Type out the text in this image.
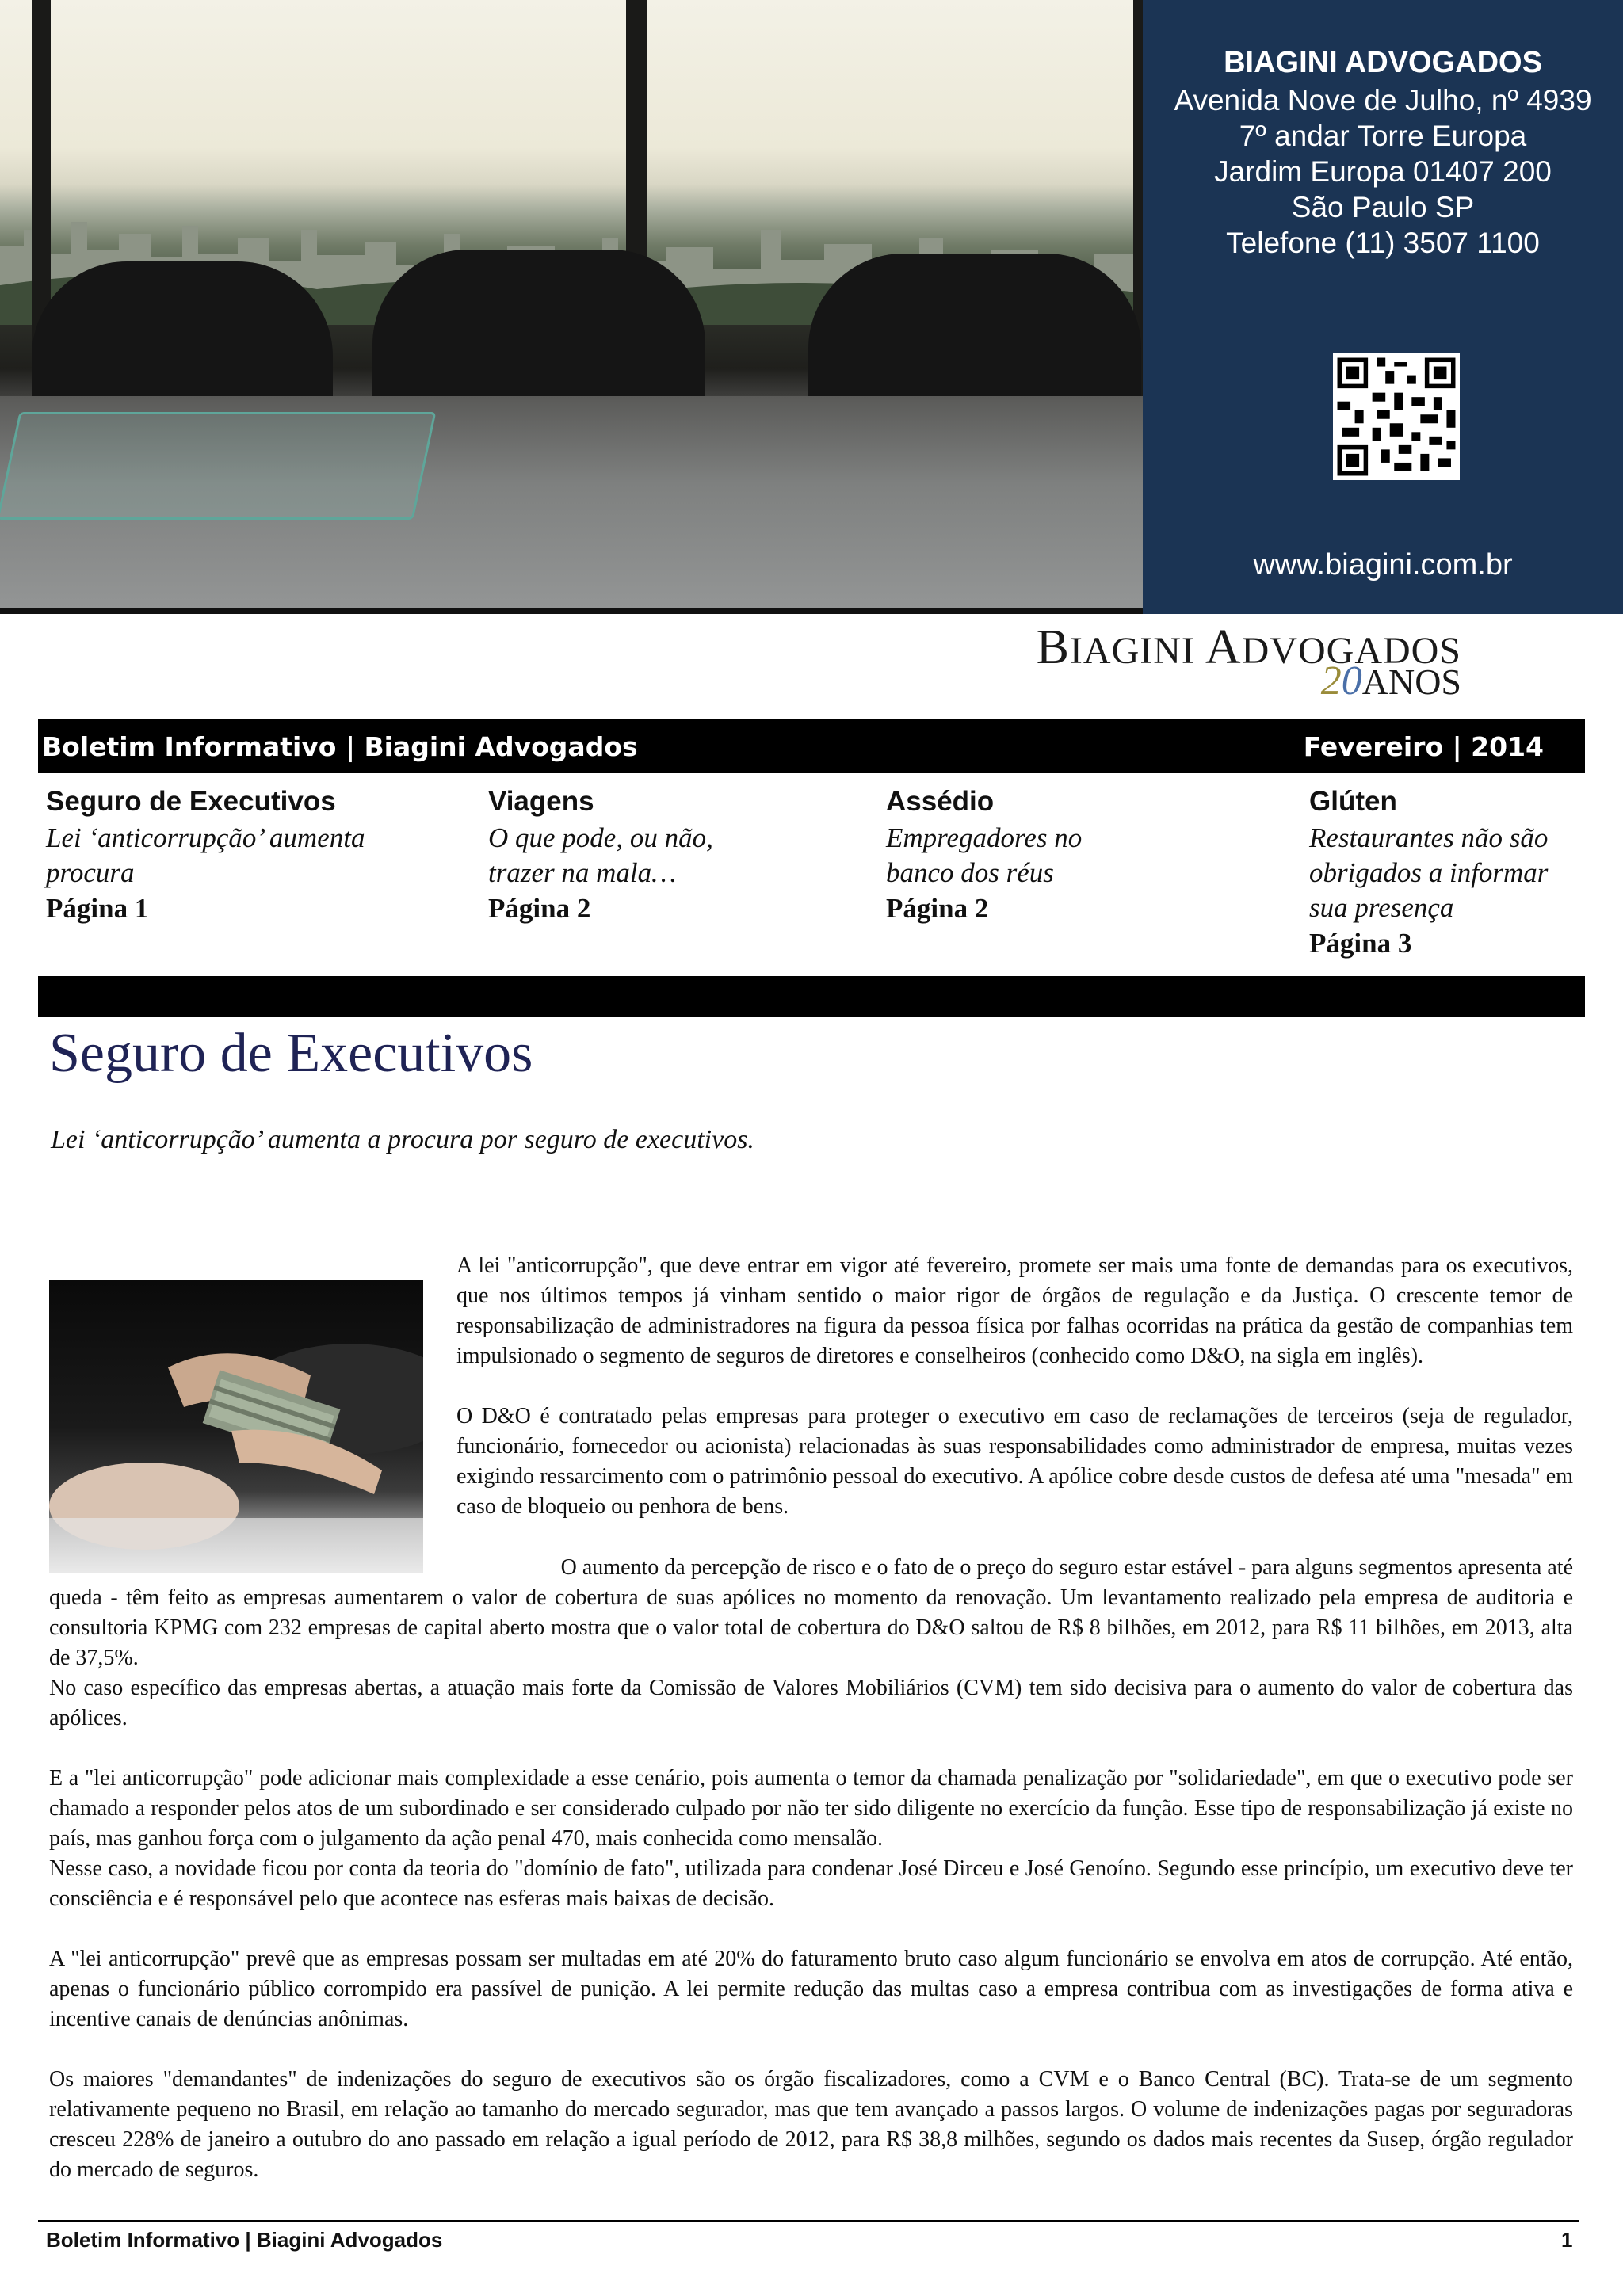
BIAGINI ADVOGADOS
Avenida Nove de Julho, nº 4939
7º andar Torre Europa
Jardim Europa 01407 200
São Paulo SP
Telefone (11) 3507 1100
www.biagini.com.br
BIAGINI ADVOGADOS
20ANOS
Boletim Informativo | Biagini Advogados	Fevereiro | 2014
Seguro de Executivos
Lei ‘anticorrupção’ aumenta
procura
Página 1
Viagens
O que pode, ou não,
trazer na mala…
Página 2
Assédio
Empregadores no
banco dos réus
Página 2
Glúten
Restaurantes não são
obrigados a informar
sua presença
Página 3
Seguro de Executivos
Lei ‘anticorrupção’ aumenta a procura por seguro de executivos.

A lei "anticorrupção", que deve entrar em vigor até fevereiro, promete ser mais uma fonte de demandas para os executivos, que nos últimos tempos já vinham sentido o maior rigor de órgãos de regulação e da Justiça. O crescente temor de responsabilização de administradores na figura da pessoa física por falhas ocorridas na prática da gestão de companhias tem impulsionado o segmento de seguros de diretores e conselheiros (conhecido como D&O, na sigla em inglês).

O D&O é contratado pelas empresas para proteger o executivo em caso de reclamações de terceiros (seja de regulador, funcionário, fornecedor ou acionista) relacionadas às suas responsabilidades como administrador de empresa, muitas vezes exigindo ressarcimento com o patrimônio pessoal do executivo. A apólice cobre desde custos de defesa até uma "mesada" em caso de bloqueio ou penhora de bens.

O aumento da percepção de risco e o fato de o preço do seguro estar estável - para alguns segmentos apresenta até

queda - têm feito as empresas aumentarem o valor de cobertura de suas apólices no momento da renovação. Um levantamento realizado pela empresa de auditoria e consultoria KPMG com 232 empresas de capital aberto mostra que o valor total de cobertura do D&O saltou de R$ 8 bilhões, em 2012, para R$ 11 bilhões, em 2013, alta de 37,5%.

No caso específico das empresas abertas, a atuação mais forte da Comissão de Valores Mobiliários (CVM) tem sido decisiva para o aumento do valor de cobertura das apólices.

E a "lei anticorrupção" pode adicionar mais complexidade a esse cenário, pois aumenta o temor da chamada penalização por "solidariedade", em que o executivo pode ser chamado a responder pelos atos de um subordinado e ser considerado culpado por não ter sido diligente no exercício da função. Esse tipo de responsabilização já existe no país, mas ganhou força com o julgamento da ação penal 470, mais conhecida como mensalão.

Nesse caso, a novidade ficou por conta da teoria do "domínio de fato", utilizada para condenar José Dirceu e José Genoíno. Segundo esse princípio, um executivo deve ter consciência e é responsável pelo que acontece nas esferas mais baixas de decisão.

A "lei anticorrupção" prevê que as empresas possam ser multadas em até 20% do faturamento bruto caso algum funcionário se envolva em atos de corrupção. Até então, apenas o funcionário público corrompido era passível de punição. A lei permite redução das multas caso a empresa contribua com as investigações de forma ativa e incentive canais de denúncias anônimas.

Os maiores "demandantes" de indenizações do seguro de executivos são os órgão fiscalizadores, como a CVM e o Banco Central (BC). Trata-se de um segmento relativamente pequeno no Brasil, em relação ao tamanho do mercado segurador, mas que tem avançado a passos largos. O volume de indenizações pagas por seguradoras cresceu 228% de janeiro a outubro do ano passado em relação a igual período de 2012, para R$ 38,8 milhões, segundo os dados mais recentes da Susep, órgão regulador do mercado de seguros.

Boletim Informativo | Biagini Advogados	1
